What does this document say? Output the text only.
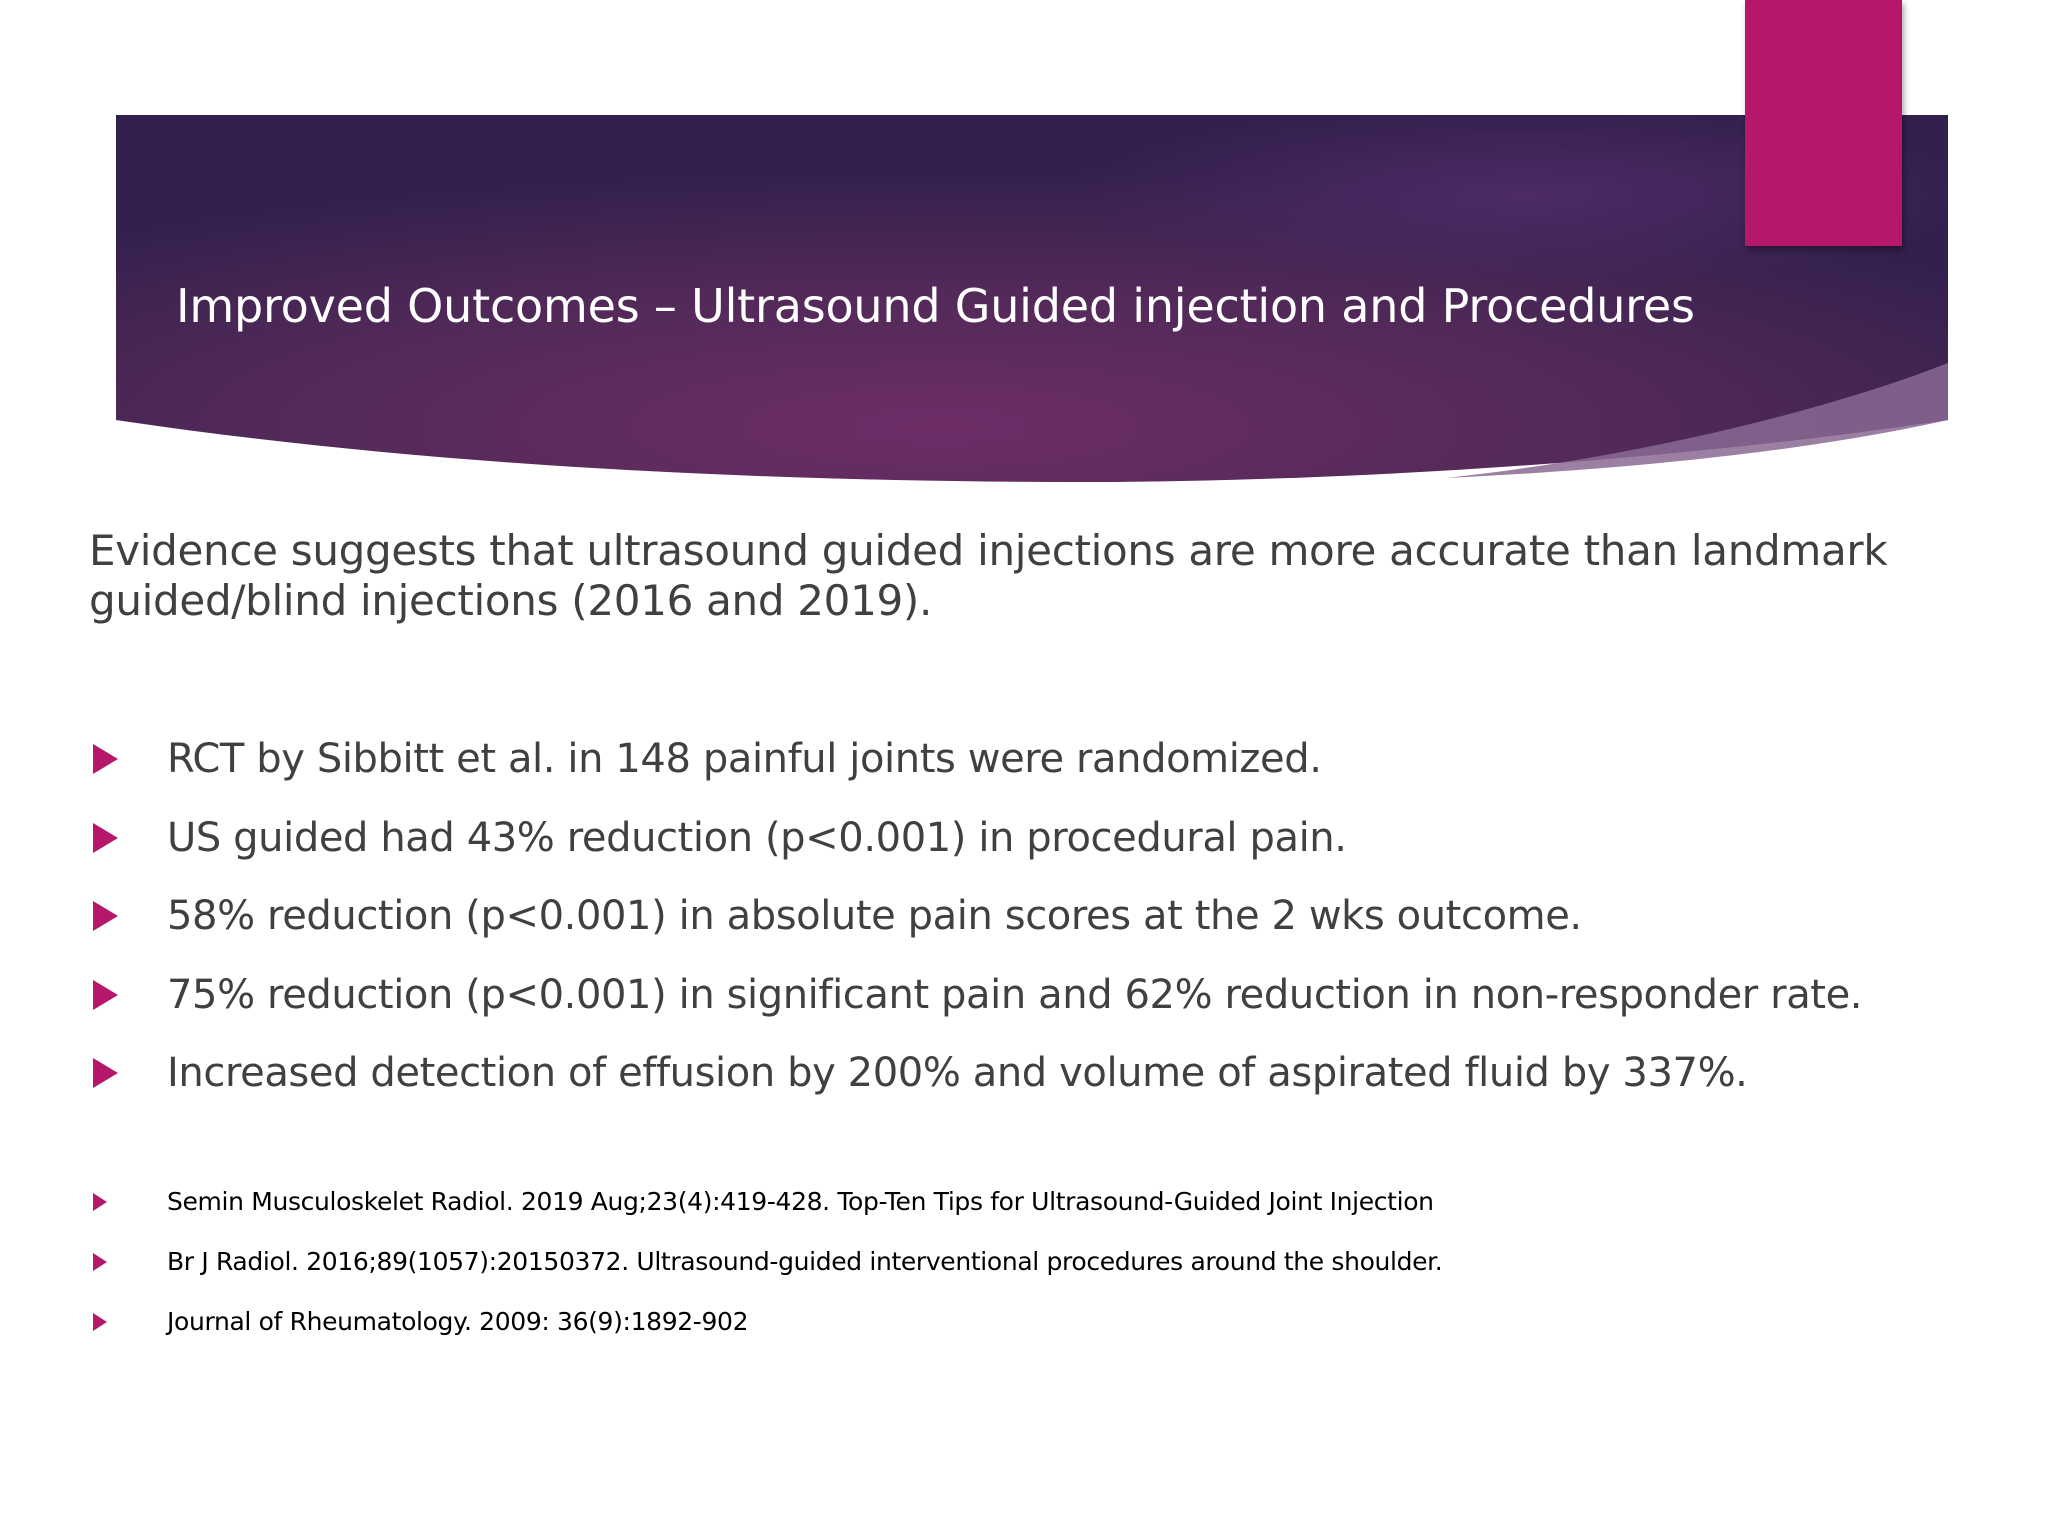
Improved Outcomes – Ultrasound Guided injection and Procedures

Evidence suggests that ultrasound guided injections are more accurate than landmark guided/blind injections (2016 and 2019).

RCT by Sibbitt et al. in 148 painful joints were randomized.
US guided had 43% reduction (p<0.001) in procedural pain.
58% reduction (p<0.001) in absolute pain scores at the 2 wks outcome.
75% reduction (p<0.001) in significant pain and 62% reduction in non-responder rate.
Increased detection of effusion by 200% and volume of aspirated fluid by 337%.
Semin Musculoskelet Radiol. 2019 Aug;23(4):419-428. Top-Ten Tips for Ultrasound-Guided Joint Injection
Br J Radiol. 2016;89(1057):20150372. Ultrasound-guided interventional procedures around the shoulder.
Journal of Rheumatology. 2009: 36(9):1892-902
